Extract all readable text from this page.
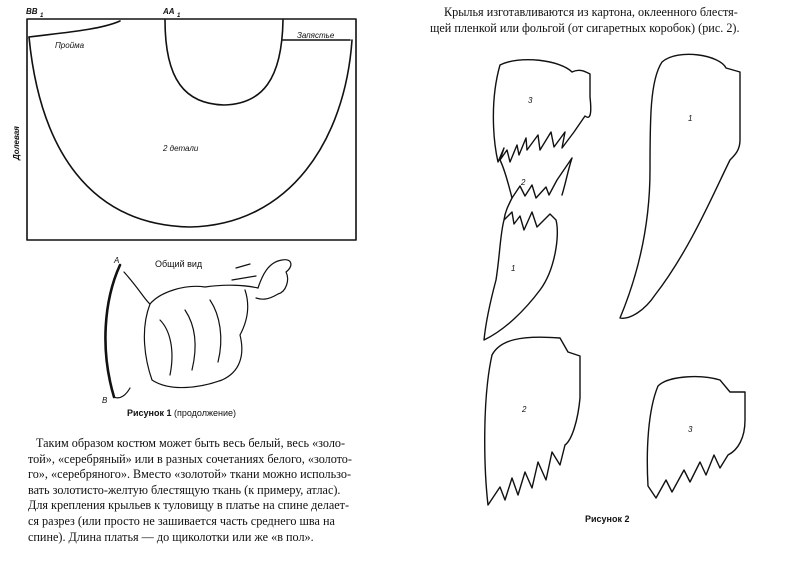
BB 1	AA 1
Пройма
Запястье
Долевая	2 детали
Общий вид
A
B
3
2
1
1
2
3
Рисунок 1 (продолжение)
Таким образом костюм может быть весь белый, весь «золо-
той», «серебряный» или в разных сочетаниях белого, «золото-
го», «серебряного». Вместо «золотой» ткани можно использо-
вать золотисто-желтую блестящую ткань (к примеру, атлас).
Для крепления крыльев к туловищу в платье на спине делает-
ся разрез (или просто не зашивается часть среднего шва на
спине). Длина платья — до щиколотки или же «в пол».
Крылья изготавливаются из картона, оклеенного блестя-
щей пленкой или фольгой (от сигаретных коробок) (рис. 2).
Рисунок 2
